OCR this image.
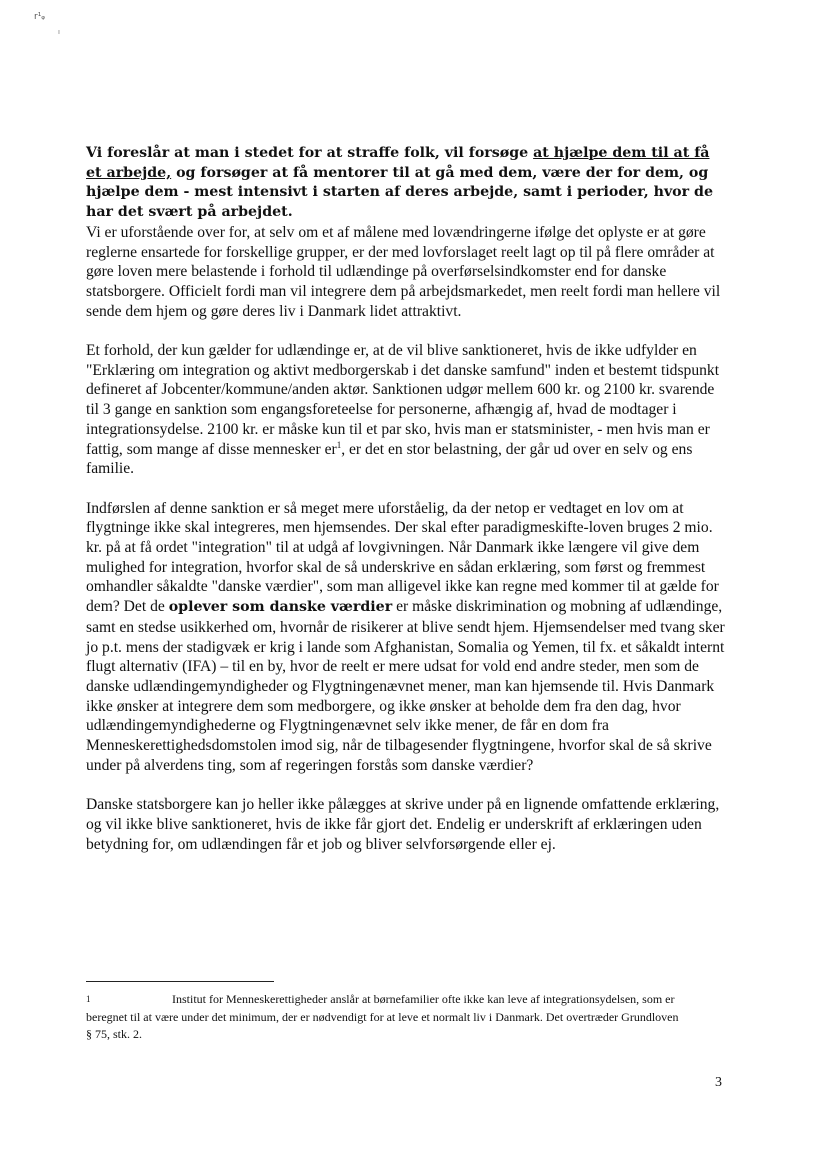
r¹ᵩ
ı
Vi foreslår at man i stedet for at straffe folk, vil forsøge at hjælpe dem til at få et arbejde, og forsøger at få mentorer til at gå med dem, være der for dem, og hjælpe dem - mest intensivt i starten af deres arbejde, samt i perioder, hvor de har det svært på arbejdet.

Vi er uforstående over for, at selv om et af målene med lovændringerne ifølge det oplyste er at gøre reglerne ensartede for forskellige grupper, er der med lovforslaget reelt lagt op til på flere områder at gøre loven mere belastende i forhold til udlændinge på overførselsindkomster end for danske statsborgere. Officielt fordi man vil integrere dem på arbejdsmarkedet, men reelt fordi man hellere vil sende dem hjem og gøre deres liv i Danmark lidet attraktivt.

Et forhold, der kun gælder for udlændinge er, at de vil blive sanktioneret, hvis de ikke udfylder en "Erklæring om integration og aktivt medborgerskab i det danske samfund" inden et bestemt tidspunkt defineret af Jobcenter/kommune/anden aktør. Sanktionen udgør mellem 600 kr. og 2100 kr. svarende til 3 gange en sanktion som engangsforeteelse for personerne, afhængig af, hvad de modtager i integrationsydelse. 2100 kr. er måske kun til et par sko, hvis man er statsminister, - men hvis man er fattig, som mange af disse mennesker $er^1$, er det en stor belastning, der går ud over en selv og ens familie.

Indførslen af denne sanktion er så meget mere uforståelig, da der netop er vedtaget en lov om at flygtninge ikke skal integreres, men hjemsendes. Der skal efter paradigmeskifte-loven bruges 2 mio. kr. på at få ordet "integration" til at udgå af lovgivningen. Når Danmark ikke længere vil give dem mulighed for integration, hvorfor skal de så underskrive en sådan erklæring, som først og fremmest omhandler såkaldte "danske værdier", som man alligevel ikke kan regne med kommer til at gælde for dem? Det de oplever som danske værdier er måske diskrimination og mobning af udlændinge, samt en stedse usikkerhed om, hvornår de risikerer at blive sendt hjem. Hjemsendelser med tvang sker jo p.t. mens der stadigvæk er krig i lande som Afghanistan, Somalia og Yemen, til fx. et såkaldt internt flugt alternativ (IFA) – til en by, hvor de reelt er mere udsat for vold end andre steder, men som de danske udlændingemyndigheder og Flygtningenævnet mener, man kan hjemsende til. Hvis Danmark ikke ønsker at integrere dem som medborgere, og ikke ønsker at beholde dem fra den dag, hvor udlændingemyndighederne og Flygtningenævnet selv ikke mener, de får en dom fra Menneskerettighedsdomstolen imod sig, når de tilbagesender flygtningene, hvorfor skal de så skrive under på alverdens ting, som af regeringen forstås som danske værdier?

Danske statsborgere kan jo heller ikke pålægges at skrive under på en lignende omfattende erklæring, og vil ikke blive sanktioneret, hvis de ikke får gjort det. Endelig er underskrift af erklæringen uden betydning for, om udlændingen får et job og bliver selvforsørgende eller ej.

1	Institut for Menneskerettigheder anslår at børnefamilier ofte ikke kan leve af integrationsydelsen, som er beregnet til at være under det minimum, der er nødvendigt for at leve et normalt liv i Danmark. Det overtræder Grundloven § 75, stk. 2.
3
